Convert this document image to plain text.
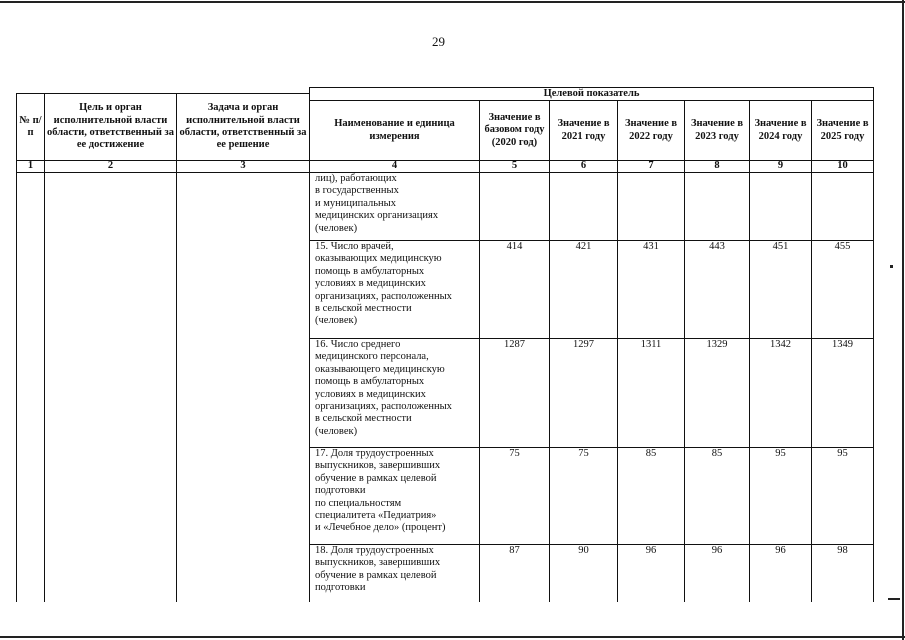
29
№ п/п
Цель и орган исполнительной власти области, ответственный за ее достижение
Задача и орган исполнительной власти области, ответственный за ее решение
Целевой показатель
Наименование и единица измерения
Значение в базовом году (2020 год)
Значение в 2021 году
Значение в 2022 году
Значение в 2023 году
Значение в 2024 году
Значение в 2025 году
1	2	3	4	5	6	7	8	9	10
лиц), работающих
в государственных
и муниципальных
медицинских организациях
(человек)
15. Число врачей,
оказывающих медицинскую
помощь в амбулаторных
условиях в медицинских
организациях, расположенных
в сельской местности
(человек)
414	421	431	443	451	455
16. Число среднего
медицинского персонала,
оказывающего медицинскую
помощь в амбулаторных
условиях в медицинских
организациях, расположенных
в сельской местности
(человек)
1287	1297	1311	1329	1342	1349
17. Доля трудоустроенных
выпускников, завершивших
обучение в рамках целевой
подготовки
по специальностям
специалитета «Педиатрия»
и «Лечебное дело» (процент)
75	75	85	85	95	95
18. Доля трудоустроенных
выпускников, завершивших
обучение в рамках целевой
подготовки
87	90	96	96	96	98
